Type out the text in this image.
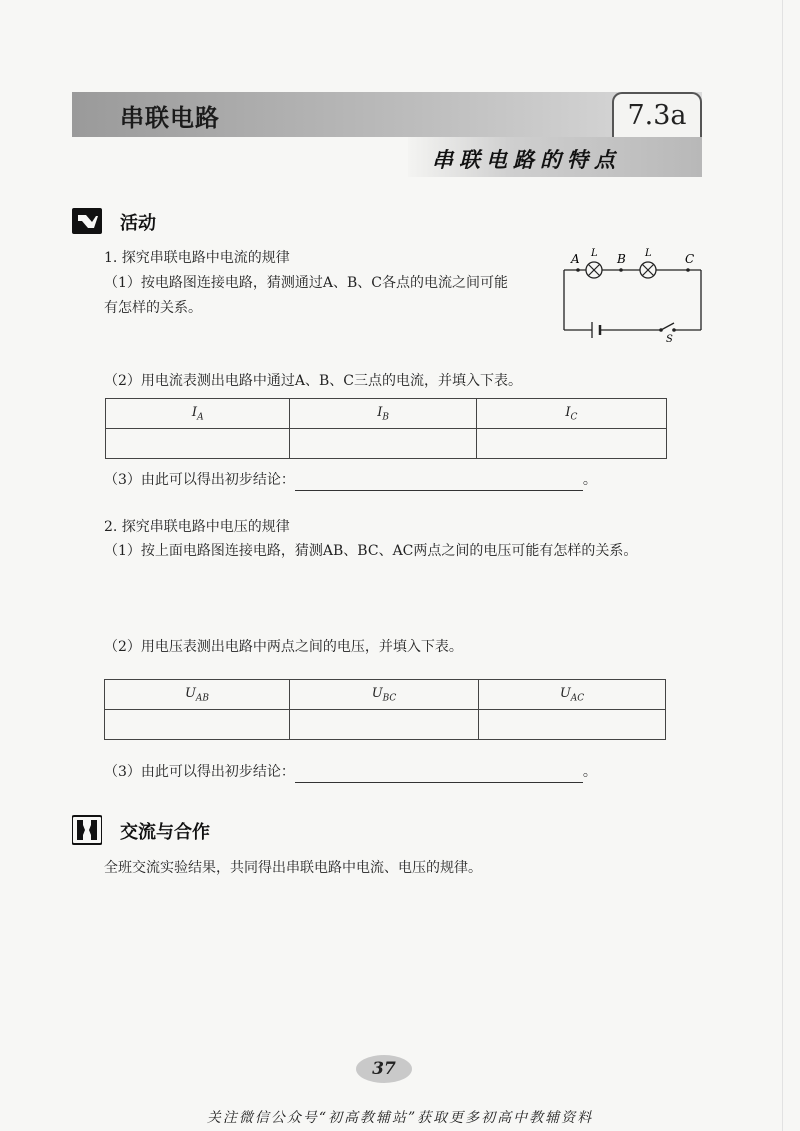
串联电路	7.3a
串联电路的特点
活动
1. 探究串联电路中电流的规律
（1）按电路图连接电路，猜测通过A、B、C各点的电流之间可能
有怎样的关系。
A L B L	C
S
（2）用电流表测出电路中通过A、B、C三点的电流，并填入下表。
$I_A$	$I_B$	$I_C$

（3）由此可以得出初步结论：	。
2. 探究串联电路中电压的规律
（1）按上面电路图连接电路，猜测AB、BC、AC两点之间的电压可能有怎样的关系。
（2）用电压表测出电路中两点之间的电压，并填入下表。
$U_{AB}$	$U_{BC}$	$U_{AC}$

（3）由此可以得出初步结论：	。
交流与合作
全班交流实验结果，共同得出串联电路中电流、电压的规律。
37
关注微信公众号“初高教辅站”获取更多初高中教辅资料
